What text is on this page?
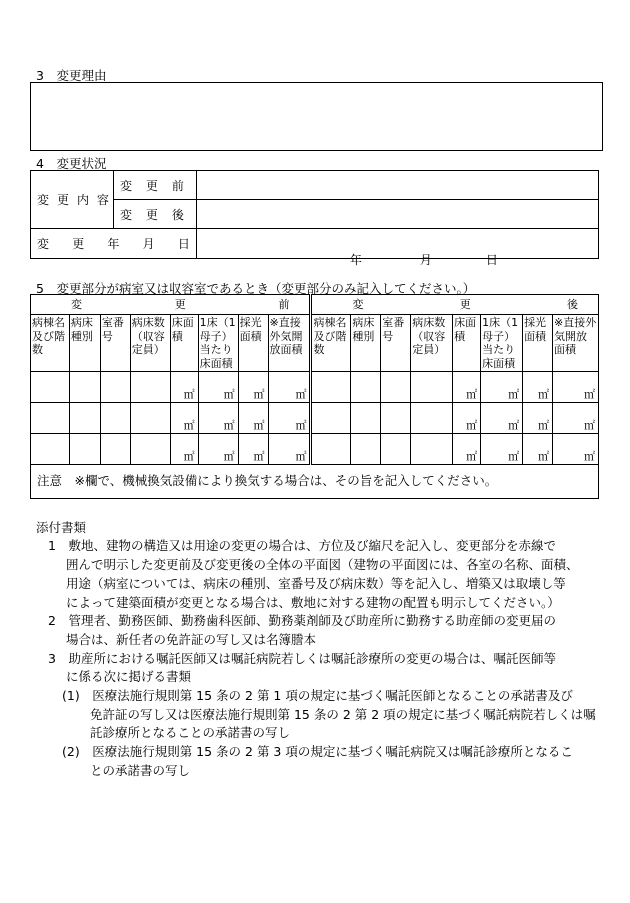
3　変更理由
4　変更状況
変 更 内 容	変 更 前	

	変 更 後	

変 更 年 月 日		年 月 日
5　変更部分が病室又は収容室であるとき（変更部分のみ記入してください。）
変 更 前								変 更 後							

病棟名及び階数	病床種別	室番号	病床数（収容定員）	床面積	1床（1母子）当たり床面積	採光面積	※直接外気開放面積	病棟名及び階数	病床種別	室番号	病床数（収容定員）	床面積	1床（1母子）当たり床面積	採光面積	※直接外気開放面積
				㎡	㎡	㎡	㎡					㎡	㎡	㎡	㎡
				㎡	㎡	㎡	㎡					㎡	㎡	㎡	㎡
				㎡	㎡	㎡	㎡					㎡	㎡	㎡	㎡
注意　※欄で、機械換気設備により換気する場合は、その旨を記入してください。															
添付書類
1　敷地、建物の構造又は用途の変更の場合は、方位及び縮尺を記入し、変更部分を赤線で
囲んで明示した変更前及び変更後の全体の平面図（建物の平面図には、各室の名称、面積、
用途（病室については、病床の種別、室番号及び病床数）等を記入し、増築又は取壊し等
によって建築面積が変更となる場合は、敷地に対する建物の配置も明示してください。）
2　管理者、勤務医師、勤務歯科医師、勤務薬剤師及び助産所に勤務する助産師の変更届の
場合は、新任者の免許証の写し又は名簿謄本
3　助産所における嘱託医師又は嘱託病院若しくは嘱託診療所の変更の場合は、嘱託医師等
に係る次に掲げる書類
(1)　医療法施行規則第 15 条の 2 第 1 項の規定に基づく嘱託医師となることの承諾書及び
免許証の写し又は医療法施行規則第 15 条の 2 第 2 項の規定に基づく嘱託病院若しくは嘱
託診療所となることの承諾書の写し
(2)　医療法施行規則第 15 条の 2 第 3 項の規定に基づく嘱託病院又は嘱託診療所となるこ
との承諾書の写し
